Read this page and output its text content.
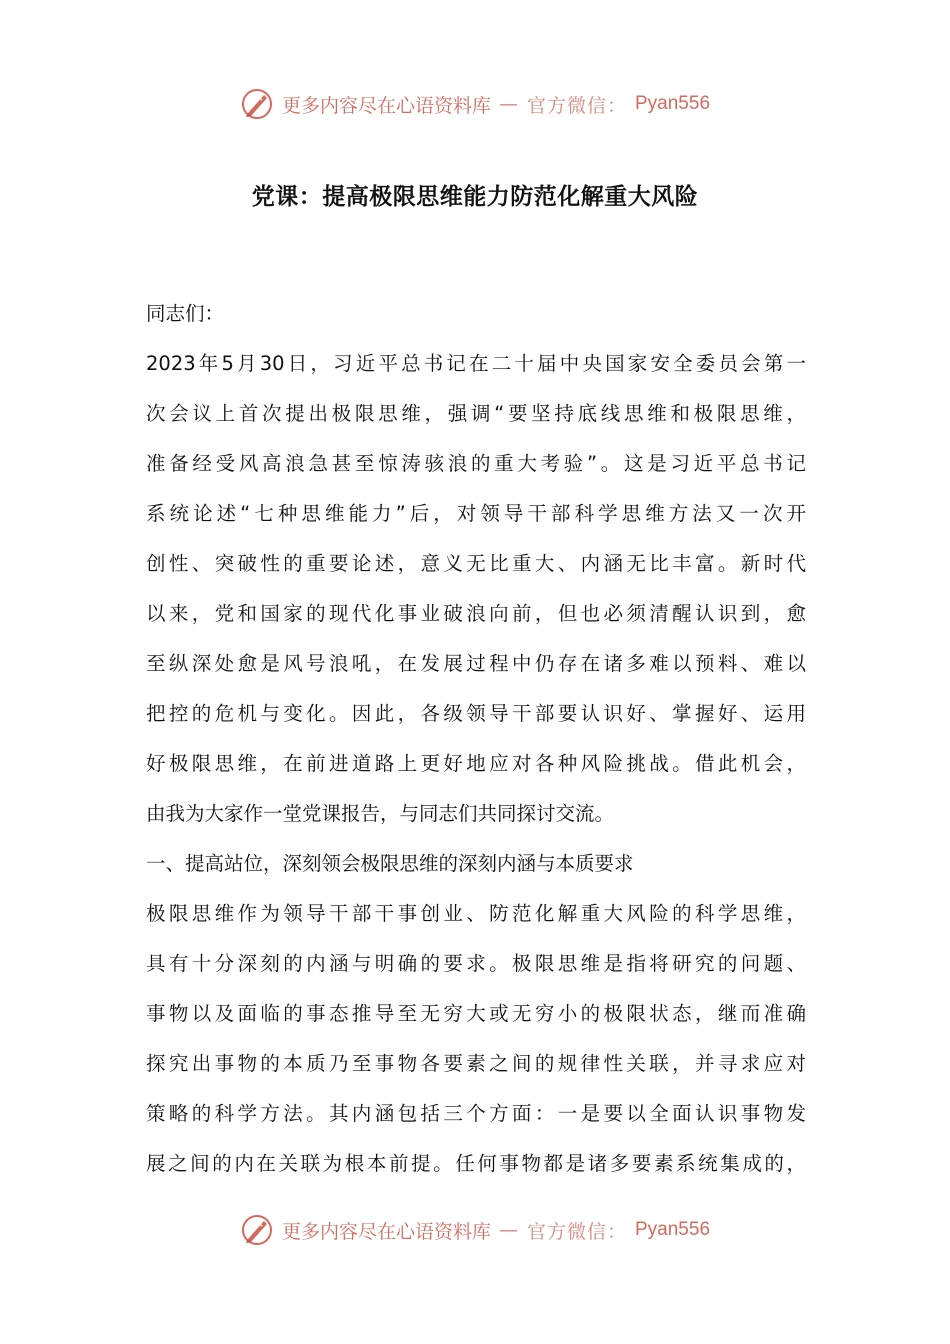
更多内容尽在心语资料库 — 官方微信： Pyan556
党课：提高极限思维能力防范化解重大风险
同志们：
2023年5月30日，习近平总书记在二十届中央国家安全委员会第一
次会议上首次提出极限思维，强调“要坚持底线思维和极限思维，
准备经受风高浪急甚至惊涛骇浪的重大考验”。这是习近平总书记
系统论述“七种思维能力”后，对领导干部科学思维方法又一次开
创性、突破性的重要论述，意义无比重大、内涵无比丰富。新时代
以来，党和国家的现代化事业破浪向前，但也必须清醒认识到，愈
至纵深处愈是风号浪吼，在发展过程中仍存在诸多难以预料、难以
把控的危机与变化。因此，各级领导干部要认识好、掌握好、运用
好极限思维，在前进道路上更好地应对各种风险挑战。借此机会，
由我为大家作一堂党课报告，与同志们共同探讨交流。
一、提高站位，深刻领会极限思维的深刻内涵与本质要求
极限思维作为领导干部干事创业、防范化解重大风险的科学思维，
具有十分深刻的内涵与明确的要求。极限思维是指将研究的问题、
事物以及面临的事态推导至无穷大或无穷小的极限状态，继而准确
探究出事物的本质乃至事物各要素之间的规律性关联，并寻求应对
策略的科学方法。其内涵包括三个方面：一是要以全面认识事物发
展之间的内在关联为根本前提。任何事物都是诸多要素系统集成的，
更多内容尽在心语资料库 — 官方微信： Pyan556
